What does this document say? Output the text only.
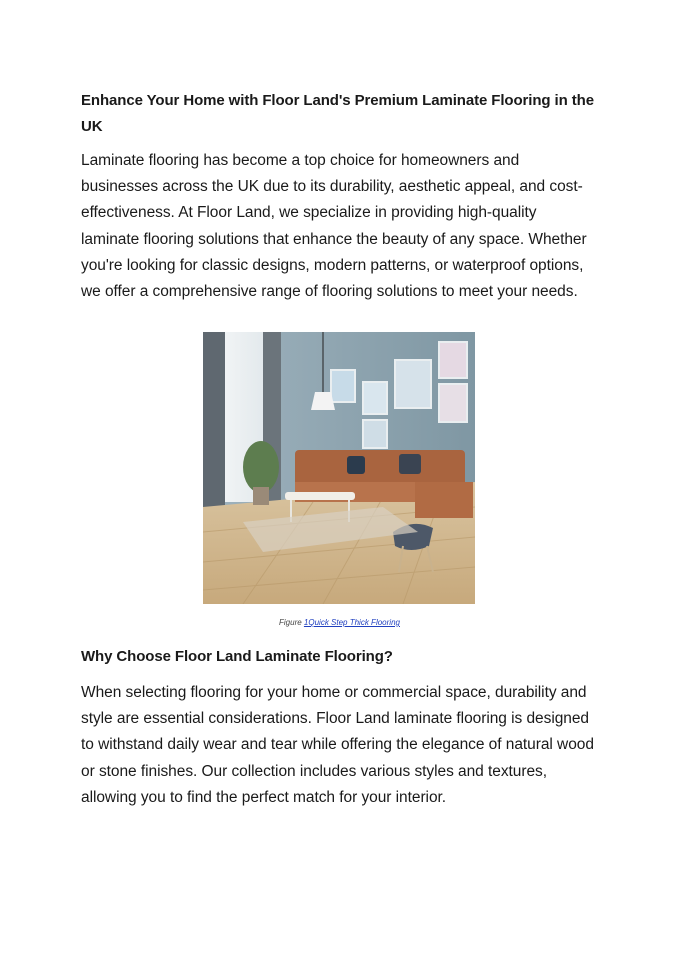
Enhance Your Home with Floor Land's Premium Laminate Flooring in the UK

Laminate flooring has become a top choice for homeowners and businesses across the UK due to its durability, aesthetic appeal, and cost-effectiveness. At Floor Land, we specialize in providing high-quality laminate flooring solutions that enhance the beauty of any space. Whether you're looking for classic designs, modern patterns, or waterproof options, we offer a comprehensive range of flooring solutions to meet your needs.

Figure 1Quick Step Thick Flooring
Why Choose Floor Land Laminate Flooring?

When selecting flooring for your home or commercial space, durability and style are essential considerations. Floor Land laminate flooring is designed to withstand daily wear and tear while offering the elegance of natural wood or stone finishes. Our collection includes various styles and textures, allowing you to find the perfect match for your interior.
